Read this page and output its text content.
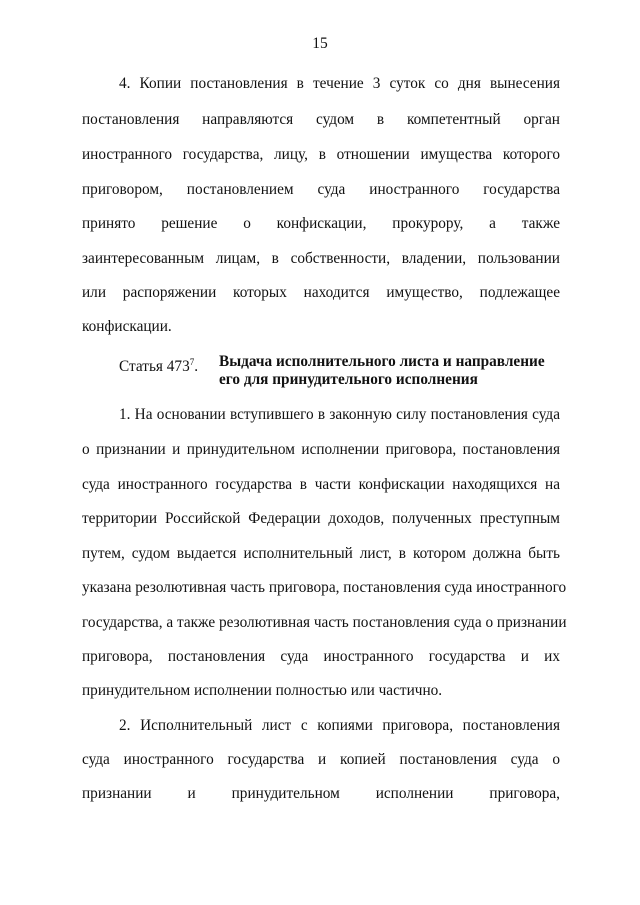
15
4. Копии постановления в течение 3 суток со дня вынесения
постановления направляются судом в компетентный орган
иностранного государства, лицу, в отношении имущества которого
приговором, постановлением суда иностранного государства
принято решение о конфискации, прокурору, а также
заинтересованным лицам, в собственности, владении, пользовании
или распоряжении которых находится имущество, подлежащее
конфискации.
Статья $473^7$. Выдача исполнительного листа и направление
его для принудительного исполнения
1. На основании вступившего в законную силу постановления суда
о признании и принудительном исполнении приговора, постановления
суда иностранного государства в части конфискации находящихся на
территории Российской Федерации доходов, полученных преступным
путем, судом выдается исполнительный лист, в котором должна быть
указана резолютивная часть приговора, постановления суда иностранного
государства, а также резолютивная часть постановления суда о признании
приговора, постановления суда иностранного государства и их
принудительном исполнении полностью или частично.
2. Исполнительный лист с копиями приговора, постановления
суда иностранного государства и копией постановления суда о
признании и принудительном исполнении приговора,
